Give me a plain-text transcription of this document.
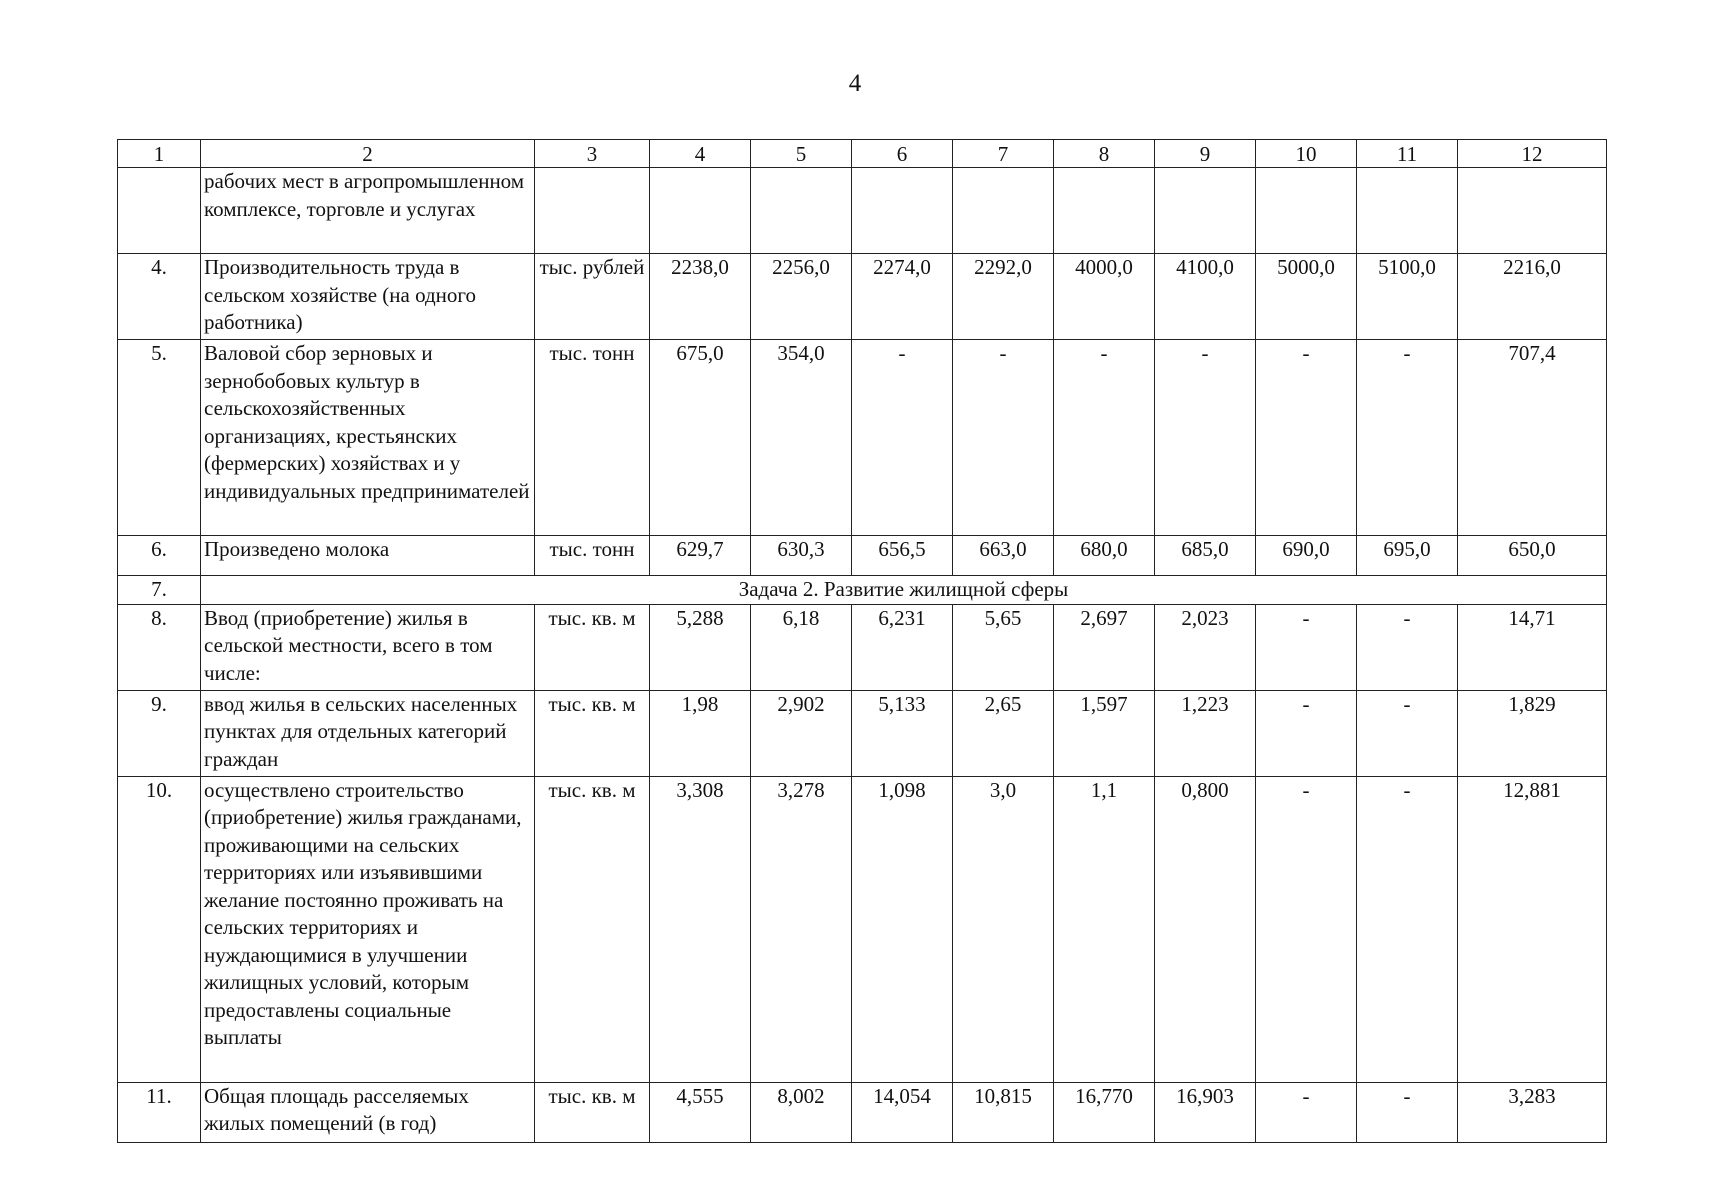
4
1	2	3	4	5	6	7	8	9	10	11	12
	рабочих мест в агропромышленном комплексе, торговле и услугах										
4.	Производительность труда в сельском хозяйстве (на одного работника)	тыс. рублей	2238,0	2256,0	2274,0	2292,0	4000,0	4100,0	5000,0	5100,0	2216,0
5.	Валовой сбор зерновых и зернобобовых культур в сельскохозяйственных организациях, крестьянских (фермерских) хозяйствах и у индивидуальных предпринимателей	тыс. тонн	675,0	354,0	-	-	-	-	-	-	707,4
6.	Произведено молока	тыс. тонн	629,7	630,3	656,5	663,0	680,0	685,0	690,0	695,0	650,0
7.	Задача 2. Развитие жилищной сферы										
8.	Ввод (приобретение) жилья в сельской местности, всего в том числе:	тыс. кв. м	5,288	6,18	6,231	5,65	2,697	2,023	-	-	14,71
9.	ввод жилья в сельских населенных пунктах для отдельных категорий граждан	тыс. кв. м	1,98	2,902	5,133	2,65	1,597	1,223	-	-	1,829
10.	осуществлено строительство (приобретение) жилья гражданами, проживающими на сельских территориях или изъявившими желание постоянно проживать на сельских территориях и нуждающимися в улучшении жилищных условий, которым предоставлены социальные выплаты	тыс. кв. м	3,308	3,278	1,098	3,0	1,1	0,800	-	-	12,881
11.	Общая площадь расселяемых жилых помещений (в год)	тыс. кв. м	4,555	8,002	14,054	10,815	16,770	16,903	-	-	3,283
